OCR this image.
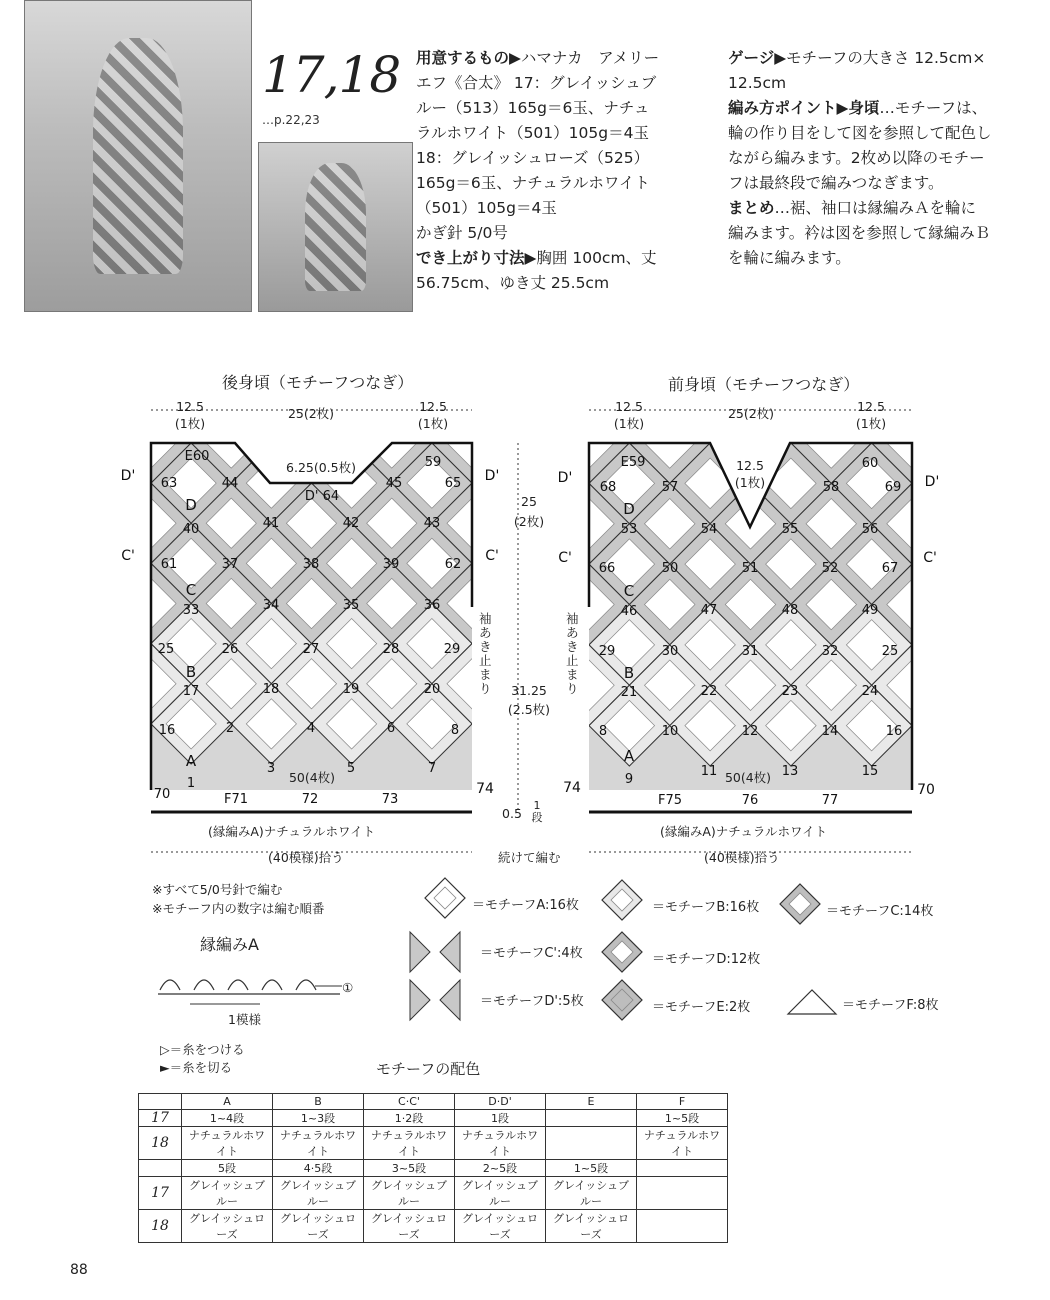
17,18
…p.22,23
用意するもの▶ハマナカ　アメリー
エフ《合太》 17：グレイッシュブ
ルー（513）165g＝6玉、ナチュ
ラルホワイト（501）105g＝4玉
18：グレイッシュローズ（525）
165g＝6玉、ナチュラルホワイト
（501）105g＝4玉
かぎ針 5/0号
でき上がり寸法▶胸囲 100cm、丈
56.75cm、ゆき丈 25.5cm
ゲージ▶モチーフの大きさ 12.5cm×
12.5cm
編み方ポイント▶身頃…モチーフは、
輪の作り目をして図を参照して配色し
ながら編みます。2枚め以降のモチー
フは最終段で編みつなぎます。
まとめ…裾、袖口は縁編みＡを輪に
編みます。衿は図を参照して縁編みＢ
を輪に編みます。
後身頃（モチーフつなぎ）	前身頃（モチーフつなぎ）
E60
44
63
D
40	41	42	43
45	65
59
D' 64
61	37	38	39	62
C
33	34	35	36
25	26	27	28	29
B
17	18	19	20
16	2	4	6	8
A
1
3	5	7
F71	72	73
70
E59
57
68
D
53	54	55	56
58	69
60
66	50	51	52	67
C
46	47	48	49
29	30	31	32	25
B
21	22	23	24
8	10	12	14	16
A
9
11	13	15
F75	76	77
D'	D'
C'	C'
D'	D'
C'	C'
74	74	70
12.5
(1枚)
25(2枚)	12.5
(1枚)
6.25(0.5枚)
50(4枚)
(縁編みA)ナチュラルホワイト
(40模様)拾う
袖あき止まり
12.5
(1枚)
25(2枚)	12.5
(1枚)
12.5
(1枚)
50(4枚)
(縁編みA)ナチュラルホワイト
(40模様)拾う
袖あき止まり
25
(2枚)
31.25
(2.5枚)
0.5
1段
続けて編む
※すべて5/0号針で編む
※モチーフ内の数字は編む順番
縁編みA
1模様
①
▷＝糸をつける
►＝糸を切る
＝モチーフA:16枚	＝モチーフB:16枚	＝モチーフC:14枚
＝モチーフC':4枚	＝モチーフD:12枚
＝モチーフD':5枚	＝モチーフE:2枚	＝モチーフF:8枚
モチーフの配色
	A	B	C·C'	D·D'	E	F
17	1~4段	1~3段	1·2段	1段		1~5段
18	ナチュラルホワイト	ナチュラルホワイト	ナチュラルホワイト	ナチュラルホワイト		ナチュラルホワイト
	5段	4·5段	3~5段	2~5段	1~5段	
17	グレイッシュブルー	グレイッシュブルー	グレイッシュブルー	グレイッシュブルー	グレイッシュブルー	
18	グレイッシュローズ	グレイッシュローズ	グレイッシュローズ	グレイッシュローズ	グレイッシュローズ	
88
